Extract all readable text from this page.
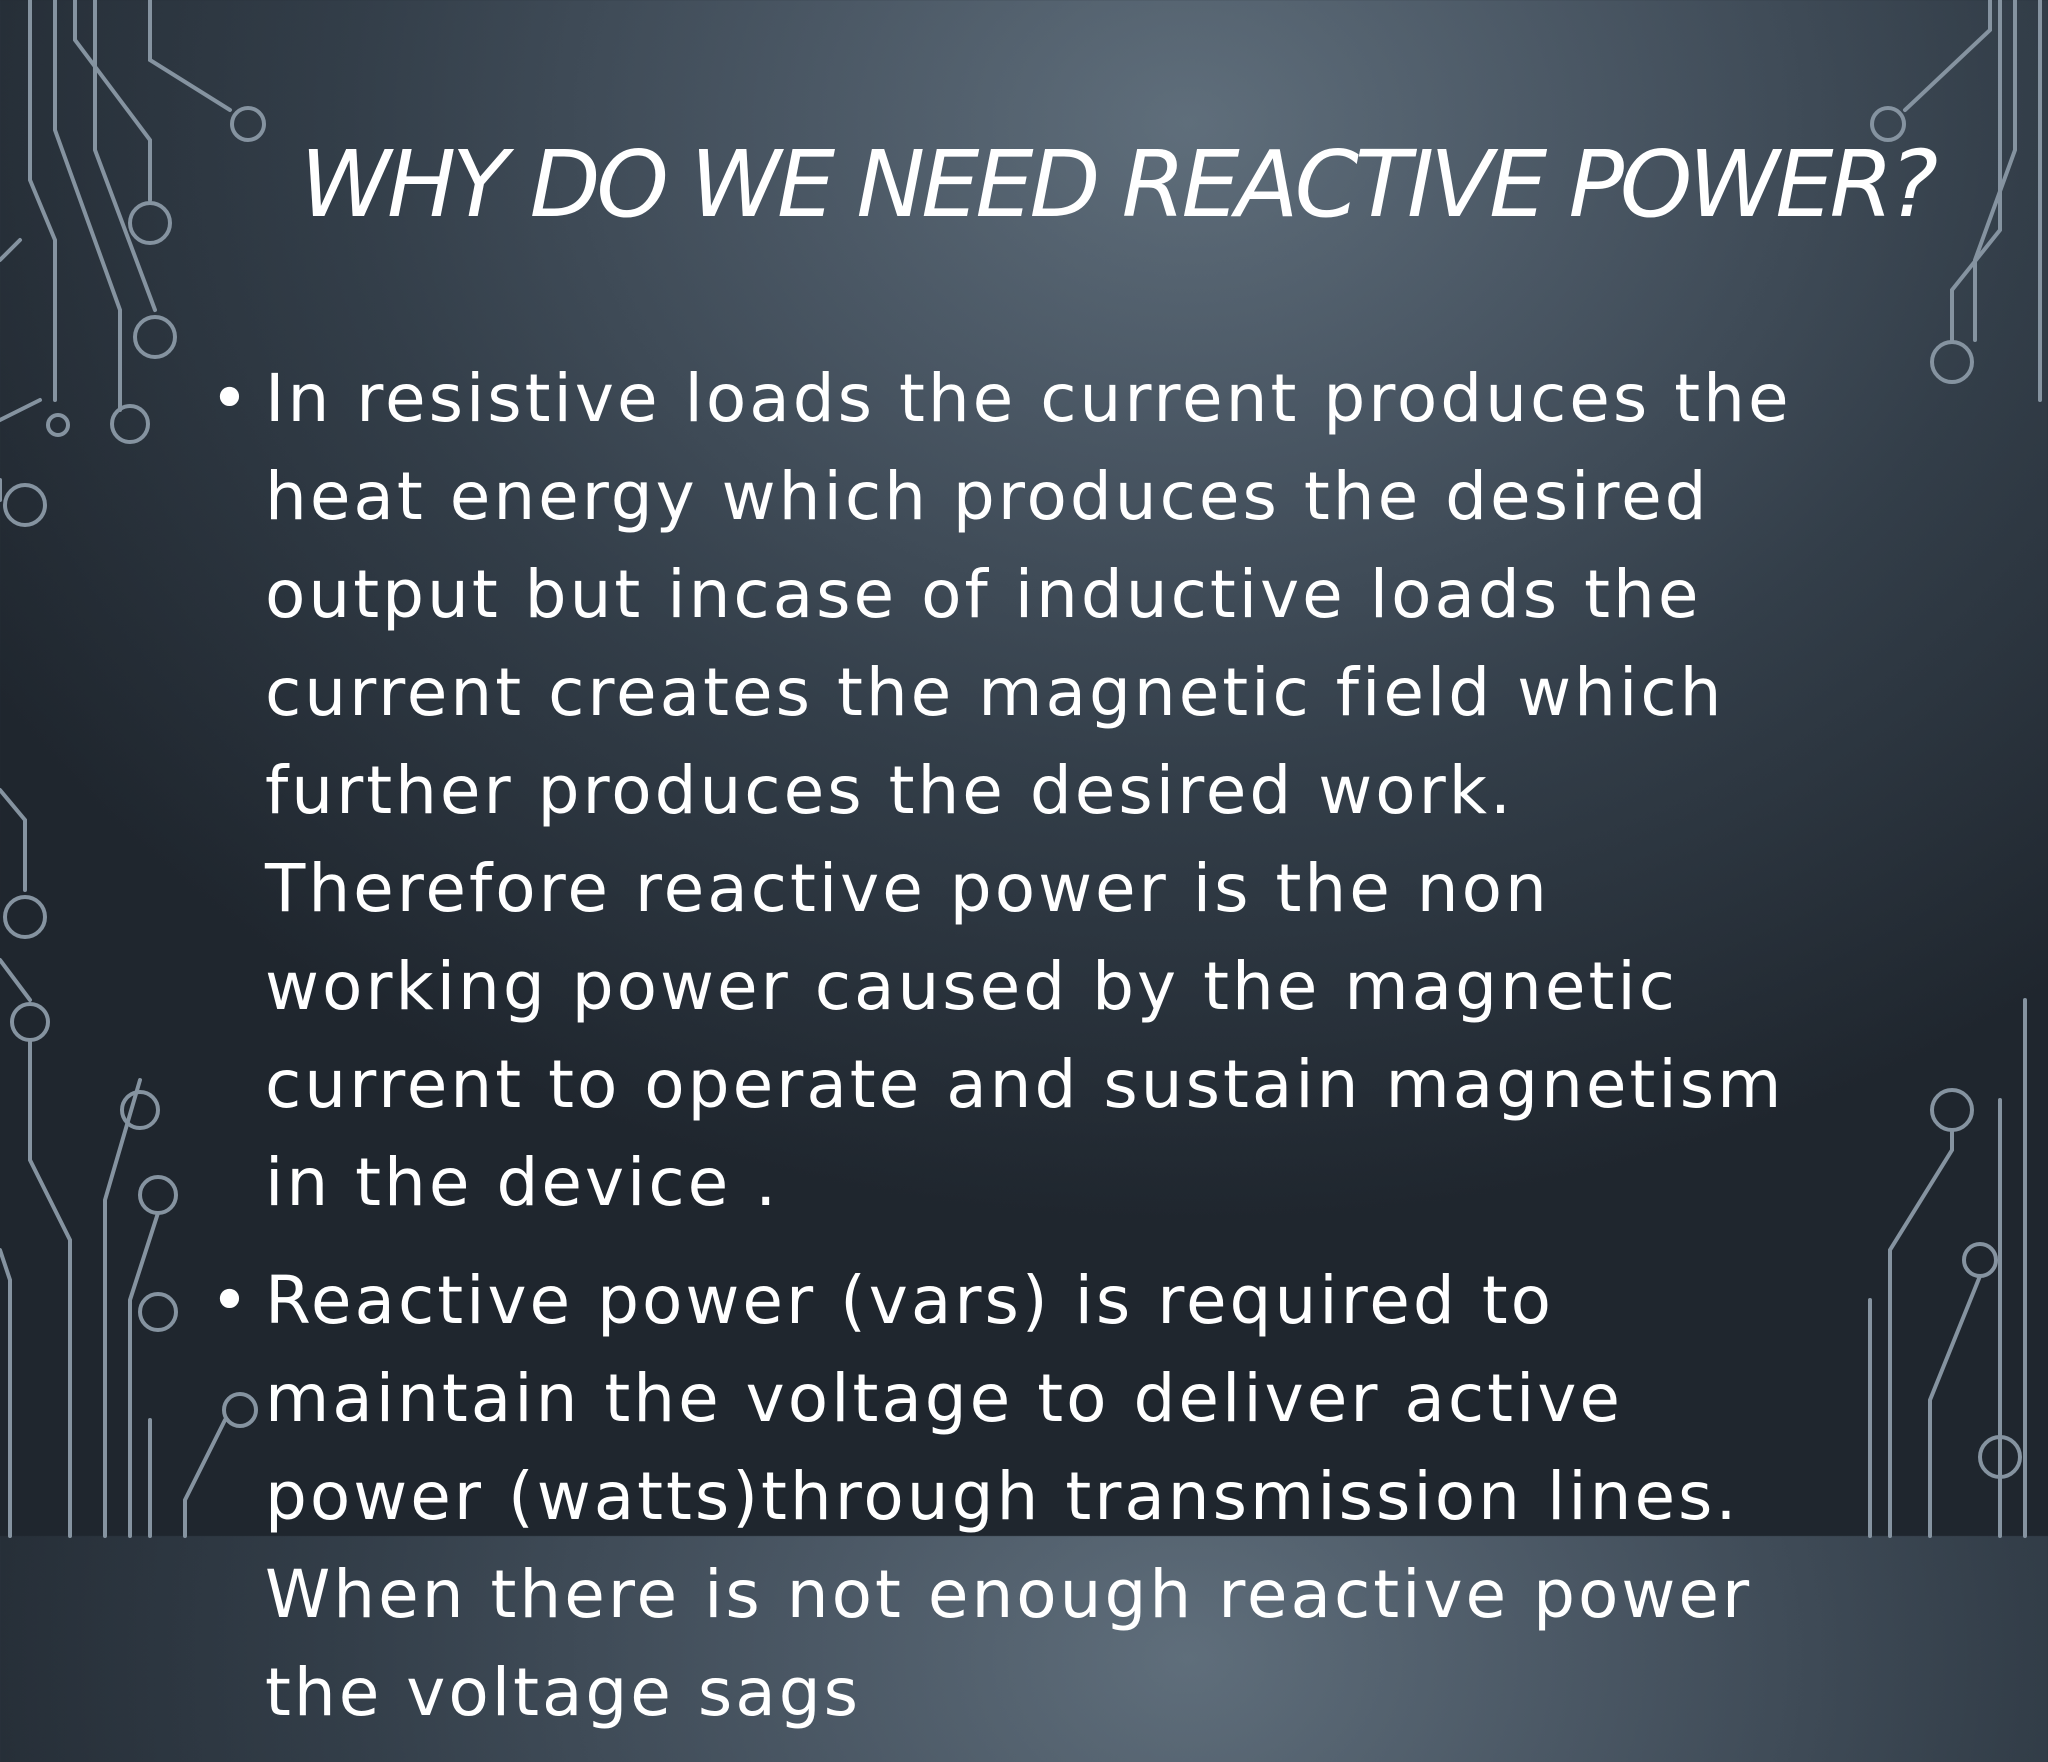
WHY DO WE NEED REACTIVE POWER?
• In resistive loads the current produces the heat energy which produces the desired output but incase of inductive loads the current creates the magnetic field which further produces the desired work. Therefore reactive power is the non working power caused by the magnetic current to operate and sustain magnetism in the device .
• Reactive power (vars) is required to maintain the voltage to deliver active power (watts)through transmission lines. When there is not enough reactive power the voltage sags
